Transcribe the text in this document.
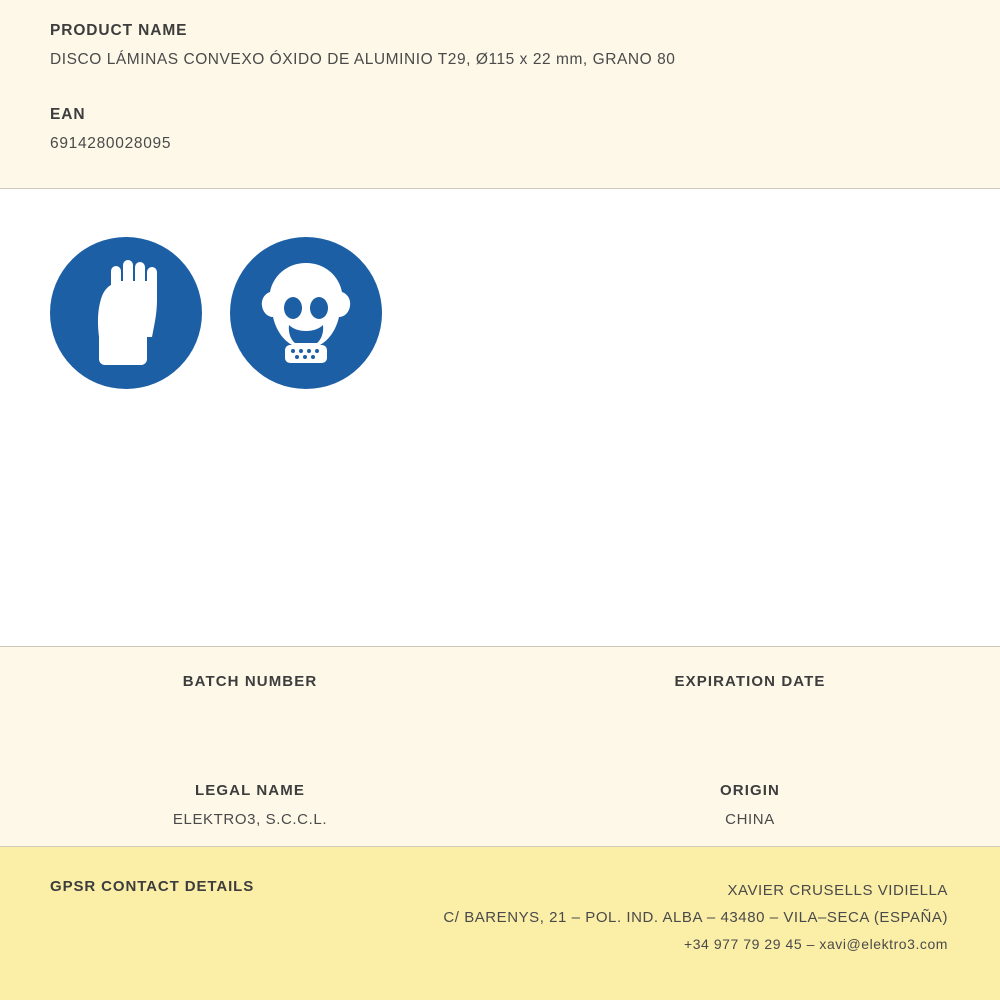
PRODUCT NAME

DISCO LÁMINAS CONVEXO ÓXIDO DE ALUMINIO T29, Ø115 x 22 mm, GRANO 80

EAN

6914280028095

BATCH NUMBER	EXPIRATION DATE
LEGAL NAME
ELEKTRO3, S.C.C.L.
ORIGIN
CHINA
GPSR CONTACT DETAILS	XAVIER CRUSELLS VIDIELLA
C/ BARENYS, 21 – POL. IND. ALBA – 43480 – VILA–SECA (ESPAÑA)
+34 977 79 29 45 – xavi@elektro3.com
